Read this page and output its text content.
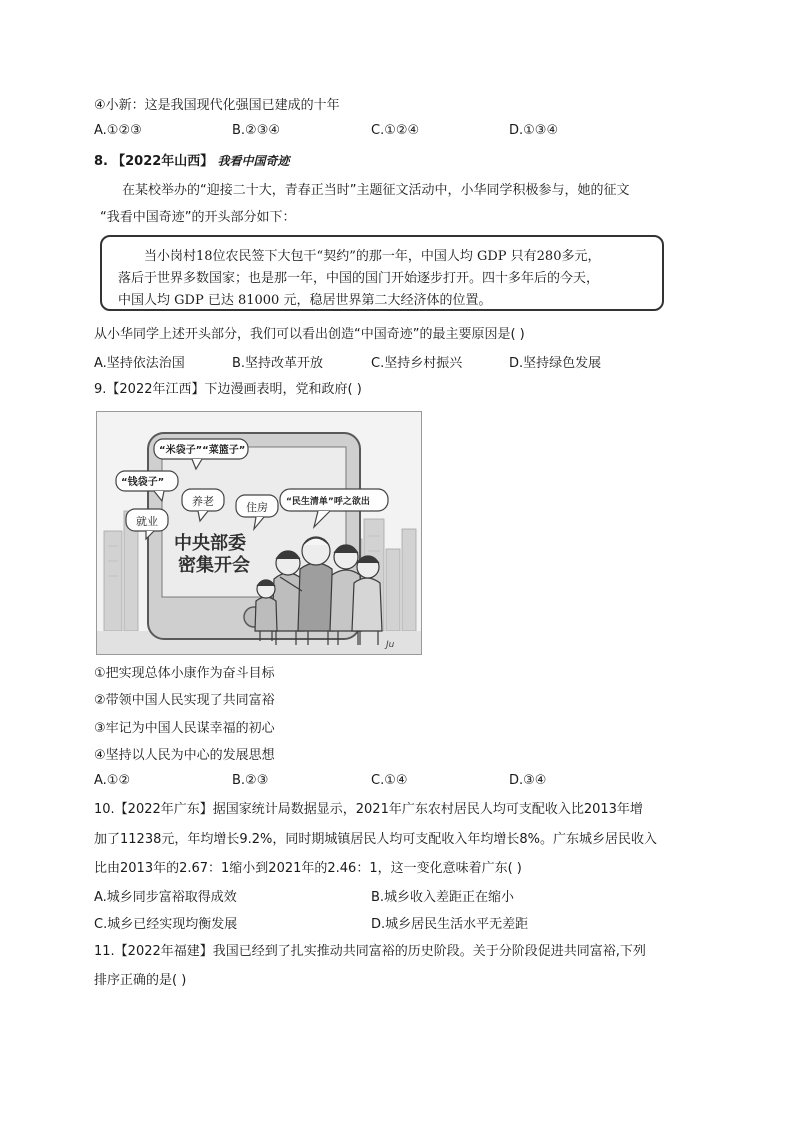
④小新：这是我国现代化强国已建成的十年
A.①②③	B.②③④	C.①②④	D.①③④
8. 【2022年山西】 我看中国奇迹
在某校举办的“迎接二十大，青春正当时”主题征文活动中，小华同学积极参与，她的征文
“我看中国奇迹”的开头部分如下：
当小岗村18位农民签下大包干“契约”的那一年，中国人均 GDP 只有280多元，
落后于世界多数国家；也是那一年，中国的国门开始逐步打开。四十多年后的今天，
中国人均 GDP 已达 81000 元，稳居世界第二大经济体的位置。
从小华同学上述开头部分，我们可以看出创造“中国奇迹”的最主要原因是( )
A.坚持依法治国	B.坚持改革开放	C.坚持乡村振兴	D.坚持绿色发展
9.【2022年江西】下边漫画表明，党和政府( )
中央部委
密集开会
“米袋子”“菜篮子”
“钱袋子”
养老	住房
就业
“民生清单”呼之欲出
Ju
①把实现总体小康作为奋斗目标
②带领中国人民实现了共同富裕
③牢记为中国人民谋幸福的初心
④坚持以人民为中心的发展思想
A.①②	B.②③	C.①④	D.③④
10.【2022年广东】据国家统计局数据显示，2021年广东农村居民人均可支配收入比2013年增
加了11238元，年均增长9.2%，同时期城镇居民人均可支配收入年均增长8%。广东城乡居民收入
比由2013年的2.67：1缩小到2021年的2.46：1，这一变化意味着广东( )
A.城乡同步富裕取得成效	B.城乡收入差距正在缩小
C.城乡已经实现均衡发展	D.城乡居民生活水平无差距
11.【2022年福建】我国已经到了扎实推动共同富裕的历史阶段。关于分阶段促进共同富裕,下列
排序正确的是( )
